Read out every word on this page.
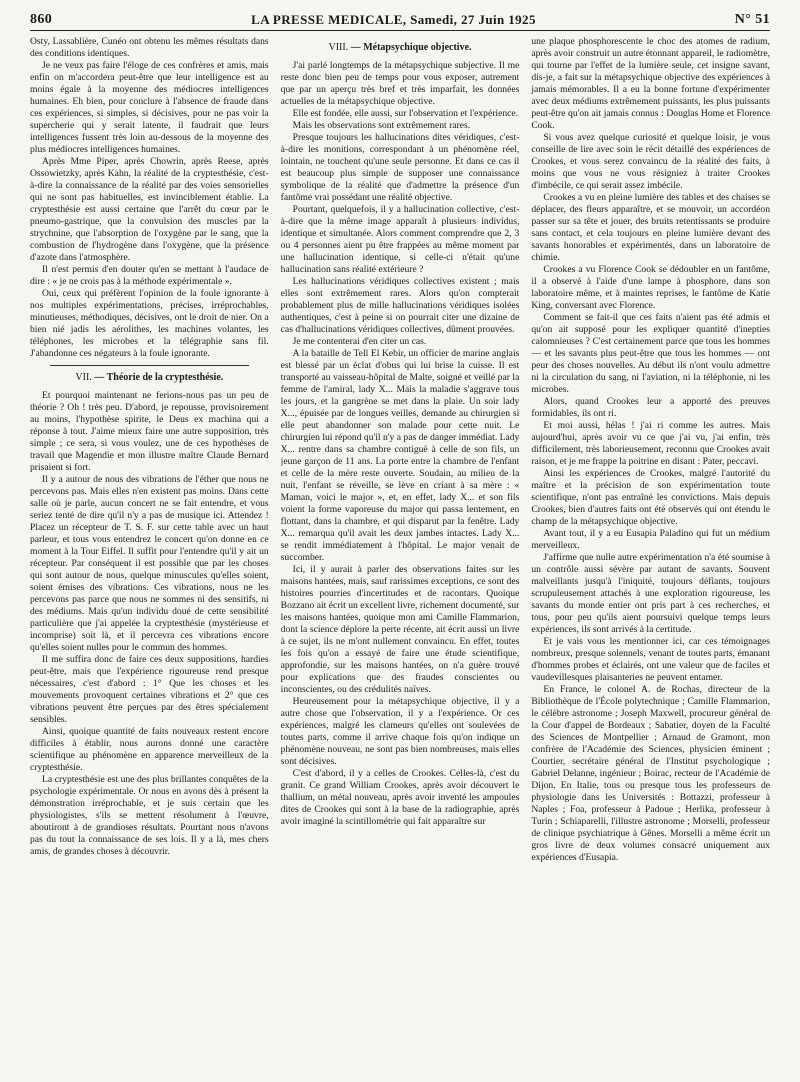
860	LA PRESSE MEDICALE, Samedi, 27 Juin 1925	N° 51

Osty, Lassablière, Cunéo ont obtenu les mêmes résultats dans des conditions identiques.

Je ne veux pas faire l'éloge de ces confrères et amis, mais enfin on m'accordera peut-être que leur intelligence est au moins égale à la moyenne des médiocres intelligences humaines. Eh bien, pour conclure à l'absence de fraude dans ces expériences, si simples, si décisives, pour ne pas voir la supercherie qui y serait latente, il faudrait que leurs intelligences fussent très loin au-dessous de la moyenne des plus médiocres intelligences humaines.

Après Mme Piper, après Chowrin, après Reese, après Ossowietzky, après Kahn, la réalité de la cryptesthésie, c'est-à-dire la connaissance de la réalité par des voies sensorielles qui ne sont pas habituelles, est invinciblement établie. La cryptesthésie est aussi certaine que l'arrêt du cœur par le pneumo-gastrique, que la convulsion des muscles par la strychnine, que l'absorption de l'oxygène par le sang, que la combustion de l'hydrogène dans l'oxygène, que la présence d'azote dans l'atmosphère.

Il n'est permis d'en douter qu'en se mettant à l'audace de dire : « je ne crois pas à la méthode expérimentale ».

Oui, ceux qui préfèrent l'opinion de la foule ignorante à nos multiples expérimentations, précises, irréprochables, minutieuses, méthodiques, décisives, ont le droit de nier. On a bien nié jadis les aérolithes, les machines volantes, les téléphones, les microbes et la télégraphie sans fil. J'abandonne ces négateurs à la foule ignorante.

VII. — Théorie de la cryptesthésie.

Et pourquoi maintenant ne ferions-nous pas un peu de théorie ? Oh ! très peu. D'abord, je repousse, provisoirement au moins, l'hypothèse spirite, le Deus ex machina qui a réponse à tout. J'aime mieux faire une autre supposition, très simple ; ce sera, si vous voulez, une de ces hypothèses de travail que Magendie et mon illustre maître Claude Bernard prisaient si fort.

Il y a autour de nous des vibrations de l'éther que nous ne percevons pas. Mais elles n'en existent pas moins. Dans cette salle où je parle, aucun concert ne se fait entendre, et vous seriez tenté de dire qu'il n'y a pas de musique ici. Attendez ! Placez un récepteur de T. S. F. sur cette table avec un haut parleur, et tous vous entendrez le concert qu'on donne en ce moment à la Tour Eiffel. Il suffit pour l'entendre qu'il y ait un récepteur. Par conséquent il est possible que par les choses qui sont autour de nous, quelque minuscules qu'elles soient, soient émises des vibrations. Ces vibrations, nous ne les percevons pas parce que nous ne sommes ni des sensitifs, ni des médiums. Mais qu'un individu doué de cette sensibilité particulière que j'ai appelée la cryptesthésie (mystérieuse et incomprise) soit là, et il percevra ces vibrations encore qu'elles soient nulles pour le commun des hommes.

Il me suffira donc de faire ces deux suppositions, hardies peut-être, mais que l'expérience rigoureuse rend presque nécessaires, c'est d'abord : 1° Que les choses et les mouvements provoquent certaines vibrations et 2° que ces vibrations peuvent être perçues par des êtres spécialement sensibles.

Ainsi, quoique quantité de faits nouveaux restent encore difficiles à établir, nous aurons donné une caractère scientifique au phénomène en apparence merveilleux de la cryptesthésie.

La cryptesthésie est une des plus brillantes conquêtes de la psychologie expérimentale. Or nous en avons dès à présent la démonstration irréprochable, et je suis certain que les physiologistes, s'ils se mettent résolument à l'œuvre, aboutiront à de grandioses résultats. Pourtant nous n'avons pas du tout la connaissance de ses lois. Il y a là, mes chers amis, de grandes choses à découvrir.

VIII. — Métapsychique objective.

J'ai parlé longtemps de la métapsychique subjective. Il me reste donc bien peu de temps pour vous exposer, autrement que par un aperçu très bref et très imparfait, les données actuelles de la métapsychique objective.

Elle est fondée, elle aussi, sur l'observation et l'expérience.

Mais les observations sont extrêmement rares.

Presque toujours les hallucinations dites véridiques, c'est-à-dire les monitions, correspondant à un phénomène réel, lointain, ne touchent qu'une seule personne. Et dans ce cas il est beaucoup plus simple de supposer une connaissance symbolique de la réalité que d'admettre la présence d'un fantôme vrai possédant une réalité objective.

Pourtant, quelquefois, il y a hallucination collective, c'est-à-dire que la même image apparaît à plusieurs individus, identique et simultanée. Alors comment comprendre que 2, 3 ou 4 personnes aient pu être frappées au même moment par une hallucination identique, si celle-ci n'était qu'une hallucination sans réalité extérieure ?

Les hallucinations véridiques collectives existent ; mais elles sont extrêmement rares. Alors qu'on compterait probablement plus de mille hallucinations véridiques isolées authentiques, c'est à peine si on pourrait citer une dizaine de cas d'hallucinations véridiques collectives, dûment prouvées.

Je me contenterai d'en citer un cas.

A la bataille de Tell El Kebir, un officier de marine anglais est blessé par un éclat d'obus qui lui brise la cuisse. Il est transporté au vaisseau-hôpital de Malte, soigné et veillé par la femme de l'amiral, lady X... Mais la maladie s'aggrave tous les jours, et la gangrène se met dans la plaie. Un soir lady X..., épuisée par de longues veilles, demande au chirurgien si elle peut abandonner son malade pour cette nuit. Le chirurgien lui répond qu'il n'y a pas de danger immédiat. Lady X... rentre dans sa chambre contiguë à celle de son fils, un jeune garçon de 11 ans. La porte entre la chambre de l'enfant et celle de la mère reste ouverte. Soudain, au milieu de la nuit, l'enfant se réveille, se lève en criant à sa mère : « Maman, voici le major », et, en effet, lady X... et son fils voient la forme vaporeuse du major qui passa lentement, en flottant, dans la chambre, et qui disparut par la fenêtre. Lady X... remarqua qu'il avait les deux jambes intactes. Lady X... se rendit immédiatement à l'hôpital. Le major venait de succomber.

Ici, il y aurait à parler des observations faites sur les maisons hantées, mais, sauf rarissimes exceptions, ce sont des histoires pourries d'incertitudes et de racontars. Quoique Bozzano ait écrit un excellent livre, richement documenté, sur les maisons hantées, quoique mon ami Camille Flammarion, dont la science déplore la perte récente, ait écrit aussi un livre à ce sujet, ils ne m'ont nullement convaincu. En effet, toutes les fois qu'on a essayé de faire une étude scientifique, approfondie, sur les maisons hantées, on n'a guère trouvé pour explications que des fraudes conscientes ou inconscientes, ou des crédulités naïves.

Heureusement pour la métapsychique objective, il y a autre chose que l'observation, il y a l'expérience. Or ces expériences, malgré les clameurs qu'elles ont soulevées de toutes parts, comme il arrive chaque fois qu'on indique un phénomène nouveau, ne sont pas bien nombreuses, mais elles sont décisives.

C'est d'abord, il y a celles de Crookes. Celles-là, c'est du granit. Ce grand William Crookes, après avoir découvert le thallium, un métal nouveau, après avoir inventé les ampoules dites de Crookes qui sont à la base de la radiographie, après avoir imaginé la scintillométrie qui fait apparaître sur

une plaque phosphorescente le choc des atomes de radium, après avoir construit un autre étonnant appareil, le radiomètre, qui tourne par l'effet de la lumière seule, cet insigne savant, dis-je, a fait sur la métapsychique objective des expériences à jamais mémorables. Il a eu la bonne fortune d'expérimenter avec deux médiums extrêmement puissants, les plus puissants peut-être qu'on ait jamais connus : Douglas Home et Florence Cook.

Si vous avez quelque curiosité et quelque loisir, je vous conseille de lire avec soin le récit détaillé des expériences de Crookes, et vous serez convaincu de la réalité des faits, à moins que vous ne vous résigniez à traiter Crookes d'imbécile, ce qui serait assez imbécile.

Crookes a vu en pleine lumière des tables et des chaises se déplacer, des fleurs apparaître, et se mouvoir, un accordéon passer sur sa tête et jouer, des bruits retentissants se produire sans contact, et cela toujours en pleine lumière devant des savants honorables et expérimentés, dans un laboratoire de chimie.

Crookes a vu Florence Cook se dédoubler en un fantôme, il a observé à l'aide d'une lampe à phosphore, dans son laboratoire même, et à maintes reprises, le fantôme de Katie King, conversant avec Florence.

Comment se fait-il que ces faits n'aient pas été admis et qu'on ait supposé pour les expliquer quantité d'inepties calomnieuses ? C'est certainement parce que tous les hommes — et les savants plus peut-être que tous les hommes — ont peur des choses nouvelles. Au début ils n'ont voulu admettre ni la circulation du sang, ni l'aviation, ni la téléphonie, ni les microbes.

Alors, quand Crookes leur a apporté des preuves formidables, ils ont ri.

Et moi aussi, hélas ! j'ai ri comme les autres. Mais aujourd'hui, après avoir vu ce que j'ai vu, j'ai enfin, très difficilement, très laborieusement, reconnu que Crookes avait raison, et je me frappe la poitrine en disant : Pater, peccavi.

Ainsi les expériences de Crookes, malgré l'autorité du maître et la précision de son expérimentation toute scientifique, n'ont pas entraîné les convictions. Mais depuis Crookes, bien d'autres faits ont été observés qui ont étendu le champ de la métapsychique objective.

Avant tout, il y a eu Eusapia Paladino qui fut un médium merveilleux.

J'affirme que nulle autre expérimentation n'a été soumise à un contrôle aussi sévère par autant de savants. Souvent malveillants jusqu'à l'iniquité, toujours défiants, toujours scrupuleusement attachés à une exploration rigoureuse, les savants du monde entier ont pris part à ces recherches, et tous, pour peu qu'ils aient poursuivi quelque temps leurs expériences, ils sont arrivés à la certitude.

Et je vais vous les mentionner ici, car ces témoignages nombreux, presque solennels, venant de toutes parts, émanant d'hommes probes et éclairés, ont une valeur que de faciles et vaudevillesques plaisanteries ne peuvent entamer.

En France, le colonel A. de Rochas, directeur de la Bibliothèque de l'École polytechnique ; Camille Flammarion, le célèbre astronome ; Joseph Maxwell, procureur général de la Cour d'appel de Bordeaux ; Sabatier, doyen de la Faculté des Sciences de Montpellier ; Arnaud de Gramont, mon confrère de l'Académie des Sciences, physicien éminent ; Courtier, secrétaire général de l'Institut psychologique ; Gabriel Delanne, ingénieur ; Boirac, recteur de l'Académie de Dijon. En Italie, tous ou presque tous les professeurs de physiologie dans les Universités : Bottazzi, professeur à Naples ; Foa, professeur à Padoue ; Herlika, professeur à Turin ; Schiaparelli, l'illustre astronome ; Morselli, professeur de clinique psychiatrique à Gênes. Morselli a même écrit un gros livre de deux volumes consacré uniquement aux expériences d'Eusapia.
